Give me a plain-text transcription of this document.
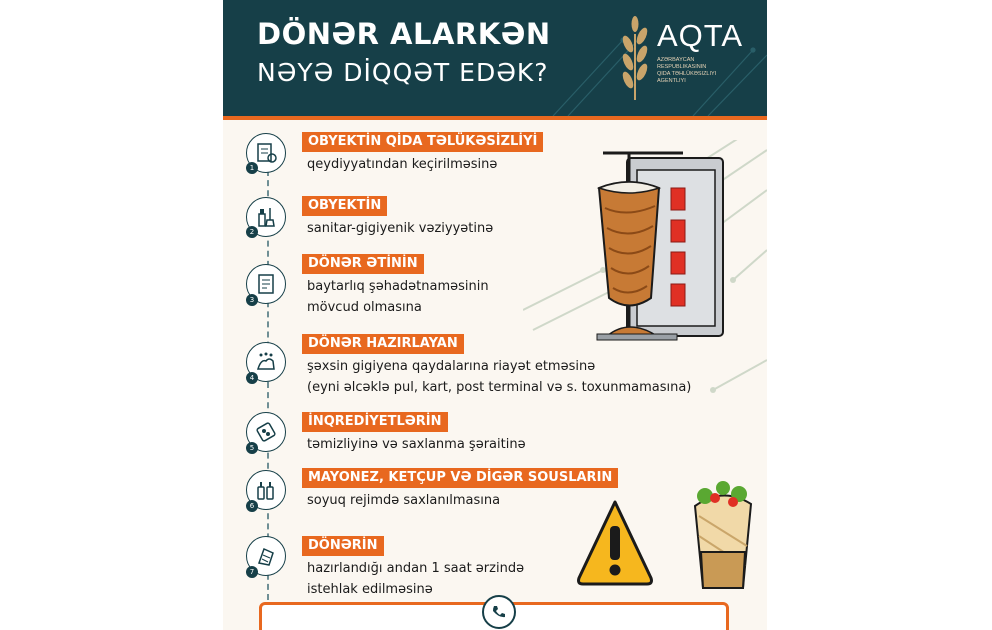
DÖNƏR ALARKƏN
NƏYƏ DİQQƏT EDƏK?
AQTA
AZƏRBAYCAN
RESPUBLIKASININ
QIDA TƏHLÜKƏSIZLIYI
AGENTLIYI
1
OBYEKTİN QİDA TƏLÜKƏSİZLİYİ
qeydiyyatından keçirilməsinə
2
OBYEKTİN
sanitar-gigiyenik vəziyyətinə
3
DÖNƏR ƏTİNİN
baytarlıq şəhadətnaməsinin
mövcud olmasına
4
DÖNƏR HAZIRLAYAN
şəxsin gigiyena qaydalarına riayət etməsinə
(eyni əlcəklə pul, kart, post terminal və s. toxunmamasına)
5
İNQREDİYETLƏRİN
təmizliyinə və saxlanma şəraitinə
6
MAYONEZ, KETÇUP VƏ DİGƏR SOUSLARIN
soyuq rejimdə saxlanılmasına
7
DÖNƏRİN
hazırlandığı andan 1 saat ərzində
istehlak edilməsinə
